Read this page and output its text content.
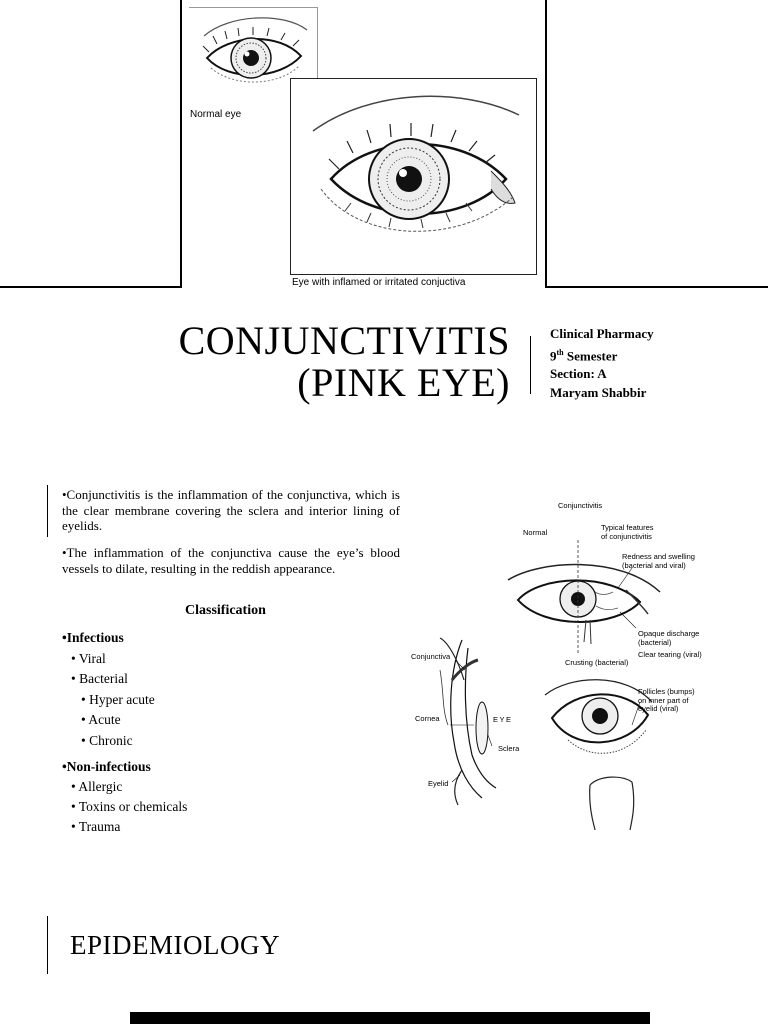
Normal eye
Eye with inflamed or irritated conjuctiva
CONJUNCTIVITIS
(PINK EYE)
Clinical Pharmacy
9th Semester
Section: A
Maryam Shabbir
•Conjunctivitis is the inflammation of the conjunctiva, which is the clear membrane covering the sclera and interior lining of eyelids.
•The inflammation of the conjunctiva cause the eye’s blood vessels to dilate, resulting in the reddish appearance.
Classification
•Infectious
• Viral
• Bacterial
• Hyper acute
• Acute
• Chronic
•Non-infectious
• Allergic
• Toxins or chemicals
• Trauma
Conjunctivitis
Normal
Typical features
of conjunctivitis
Redness and swelling
(bacterial and viral)
Opaque discharge
(bacterial)
Clear tearing (viral)
Crusting (bacterial)
Follicles (bumps)
on inner part of
eyelid (viral)
Conjunctiva
Cornea	EYE
Sclera
Eyelid
EPIDEMIOLOGY
